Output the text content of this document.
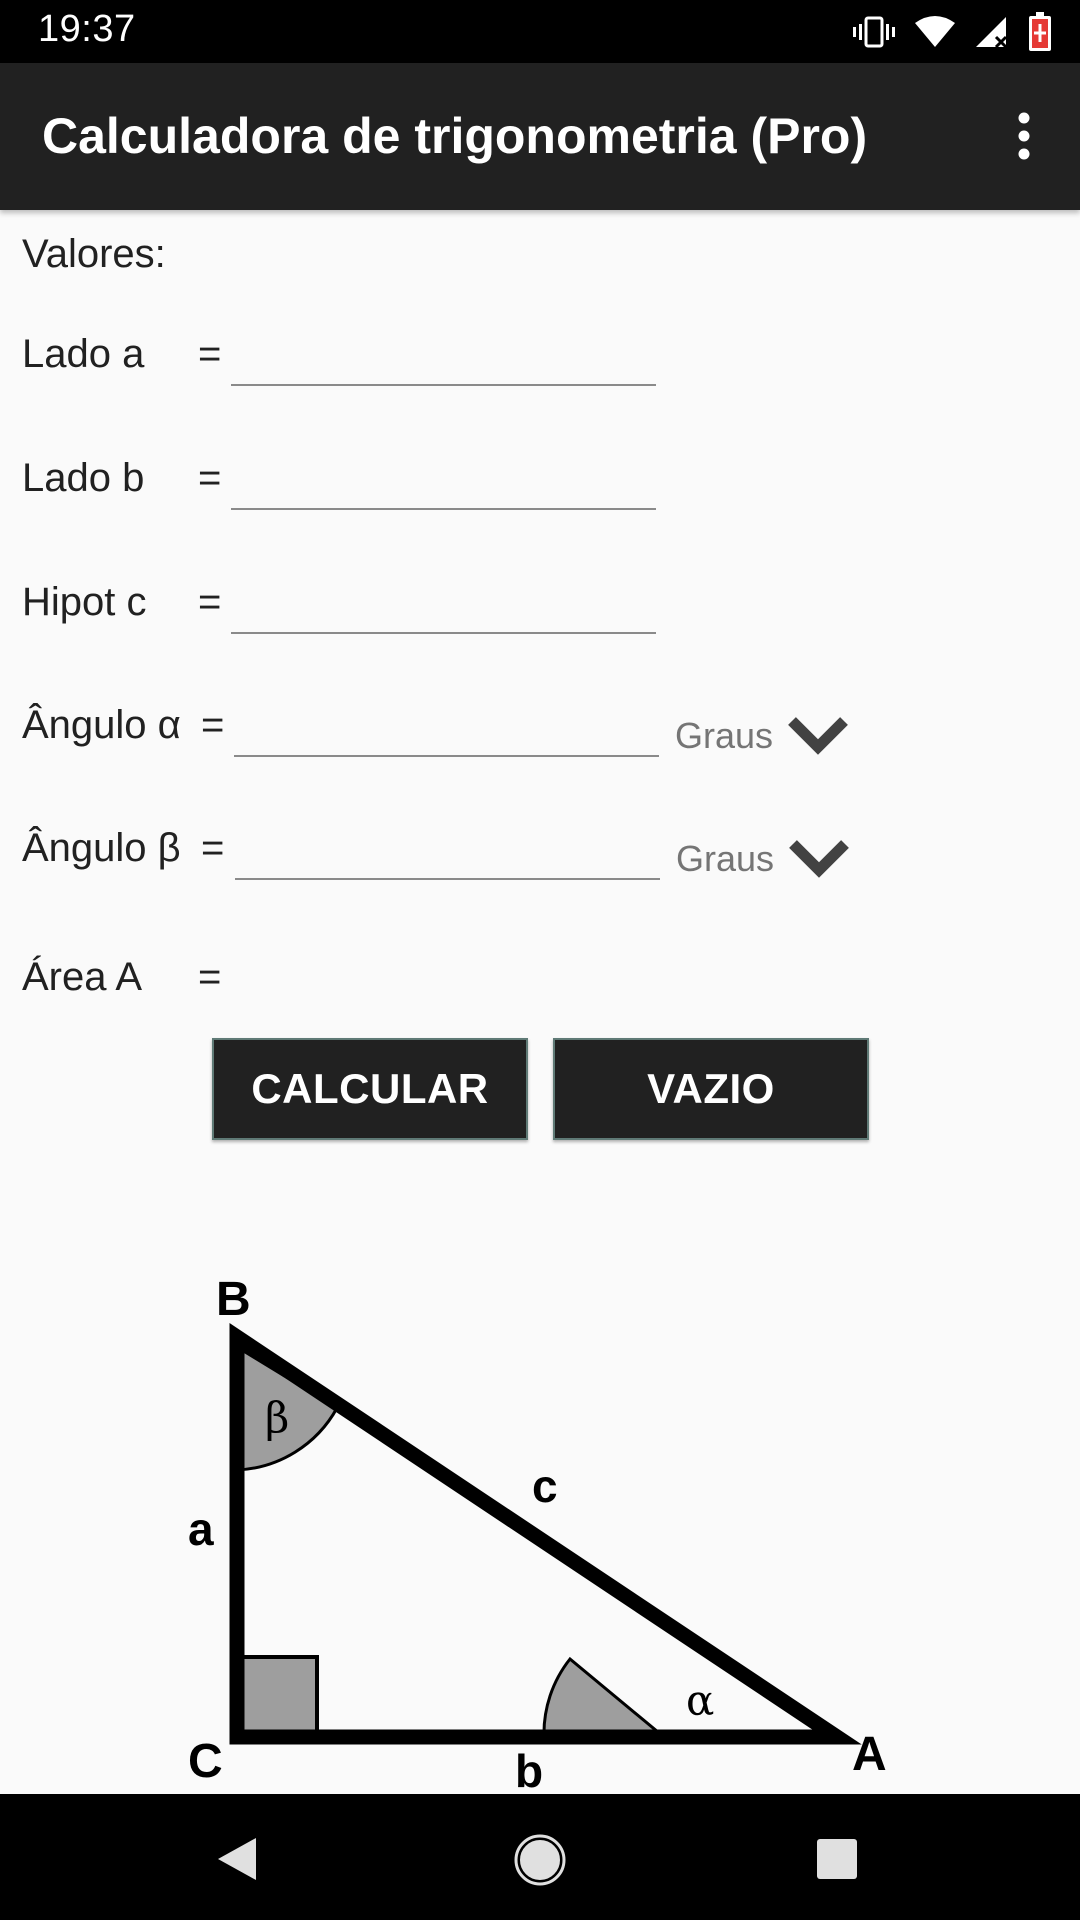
19:37
Calculadora de trigonometria (Pro)
Valores:
Lado a =
Lado b =
Hipot c =
Ângulo α =	Graus
Ângulo β =	Graus
Área A =
CALCULAR	VAZIO
B
C	A
a
b
c
β
α
